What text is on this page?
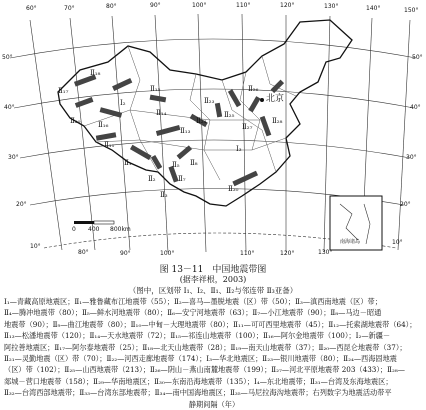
60°	70°	80°	90°	100°	110°	120°	130°	140°	150°
80°	90°	100°	110°	120°	130°
50°
40°
30°
20°
10°
50°
40°
30°
20°
10°
0 400 800km
北京
南海诸岛
Ⅱ₁₇
Ⅱ₁₈
Ⅱ₂₀	Ⅱ₁₆
Ⅱ₁₁
Ⅱ₁
Ⅱ₂
Ⅱ₃
Ⅱ₅
Ⅱ₇
Ⅱ₈
Ⅱ₁₄
Ⅱ₁₃
Ⅱ₁₅
Ⅱ₂₃
Ⅱ₂₄
Ⅱ₂₅
Ⅱ₂₆
Ⅱ₂₇
Ⅱ₂₈
Ⅱ₃₀
Ⅰ₂
Ⅰ₃
图 13－11　中国地震带图
(据李祥根，2003)
（图中，区划带 Ⅰ₁、Ⅰ₂、Ⅱ₁、Ⅱ₂与邻连带 Ⅱ₃亚备）
Ⅰ₁—青藏高原地震区；Ⅱ₁—雅鲁藏布江地震带（55）；Ⅱ₂—喜马—墨脱地震（区）带（50）；Ⅱ₃—滇西南地震（区）带；
Ⅱ₄—腾冲地震带（80）；Ⅱ₅—鲜水河地震带（80）；Ⅱ₆—安宁河地震带（63）；Ⅱ₇—小江地震带（90）；Ⅱ₈—马边－昭通
地震带（90）；Ⅱ₉—曲江地震带（80）；Ⅱ₁₀—中甸－大理地震带（80）；Ⅱ₁₁—可可西里地震带（45）；Ⅱ₁₂—托索湖地震带（64）；
Ⅱ₁₃—松潘地震带（120）；Ⅱ₁₄—天水地震带（72）；Ⅱ₁₅—祁连山地震带（100）；Ⅱ₁₆—阿尔金地震带（100）；Ⅰ₂—新疆－
阿拉善地震区；Ⅱ₁₇—阿尔泰地震带（25）；Ⅱ₁₈—北天山地震带（28）；Ⅱ₁₉—南天山地震带（37）；Ⅱ₂₀—西昆仑地震带（37）；
Ⅱ₂₁—灵勤地震（区）带（70）；Ⅱ₂₂—河西走廊地震带（174）；Ⅰ₃—华北地震区；Ⅱ₂₃—银川地震带（80）；Ⅱ₂₄—西海固地震
（区）带（102）；Ⅱ₂₅—山西地震带（213）；Ⅱ₂₆—阴山－燕山南麓地震带（199）；Ⅱ₂₇—河北平原地震带 203（433）；Ⅱ₂₈—
郯城－营口地震带（158）；Ⅱ₂₉—华南地震区；Ⅱ₃₀—东南沿海地震带（135）；Ⅰ₄—东北地震带；Ⅱ₃₁—台湾及东海地震区；
Ⅱ₃₂—台湾西部地震带；Ⅱ₃₃—台湾东部地震带；Ⅱ₃₄—南中国海地震区；Ⅱ₃₅—马尼拉海沟地震带；右列数字为地震活动带平
静期间隔（年）
